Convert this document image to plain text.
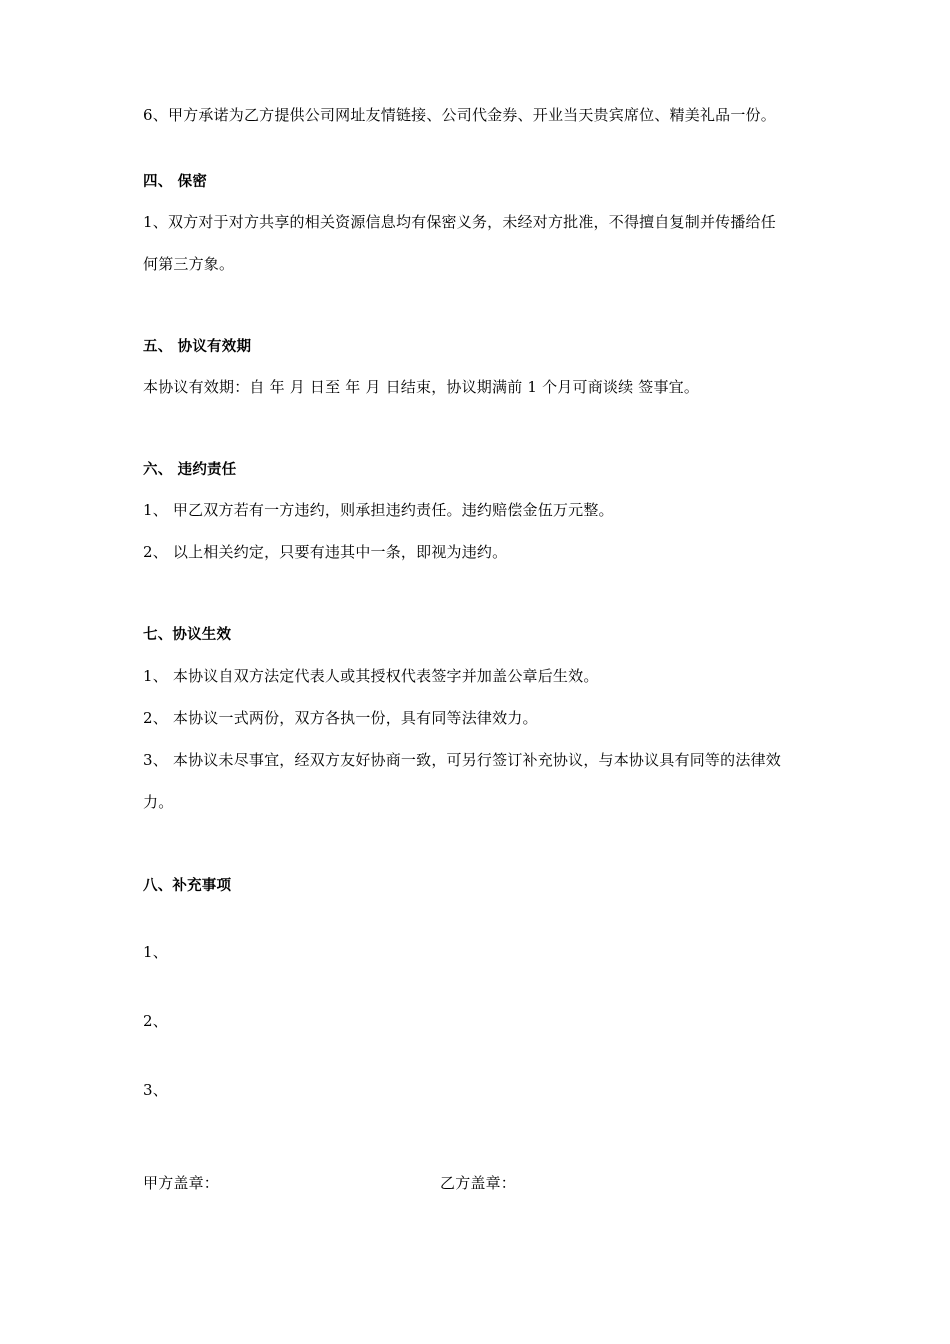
6、甲方承诺为乙方提供公司网址友情链接、公司代金券、开业当天贵宾席位、精美礼品一份。
四、 保密
1、双方对于对方共享的相关资源信息均有保密义务，未经对方批准，不得擅自复制并传播给任
何第三方象。
五、 协议有效期
本协议有效期：自 年 月 日至 年 月 日结束，协议期满前 1 个月可商谈续 签事宜。
六、 违约责任
1、 甲乙双方若有一方违约，则承担违约责任。违约赔偿金伍万元整。
2、 以上相关约定，只要有违其中一条，即视为违约。
七、协议生效
1、 本协议自双方法定代表人或其授权代表签字并加盖公章后生效。
2、 本协议一式两份，双方各执一份，具有同等法律效力。
3、 本协议未尽事宜，经双方友好协商一致，可另行签订补充协议，与本协议具有同等的法律效
力。
八、补充事项
1、
2、
3、
甲方盖章：	乙方盖章：
